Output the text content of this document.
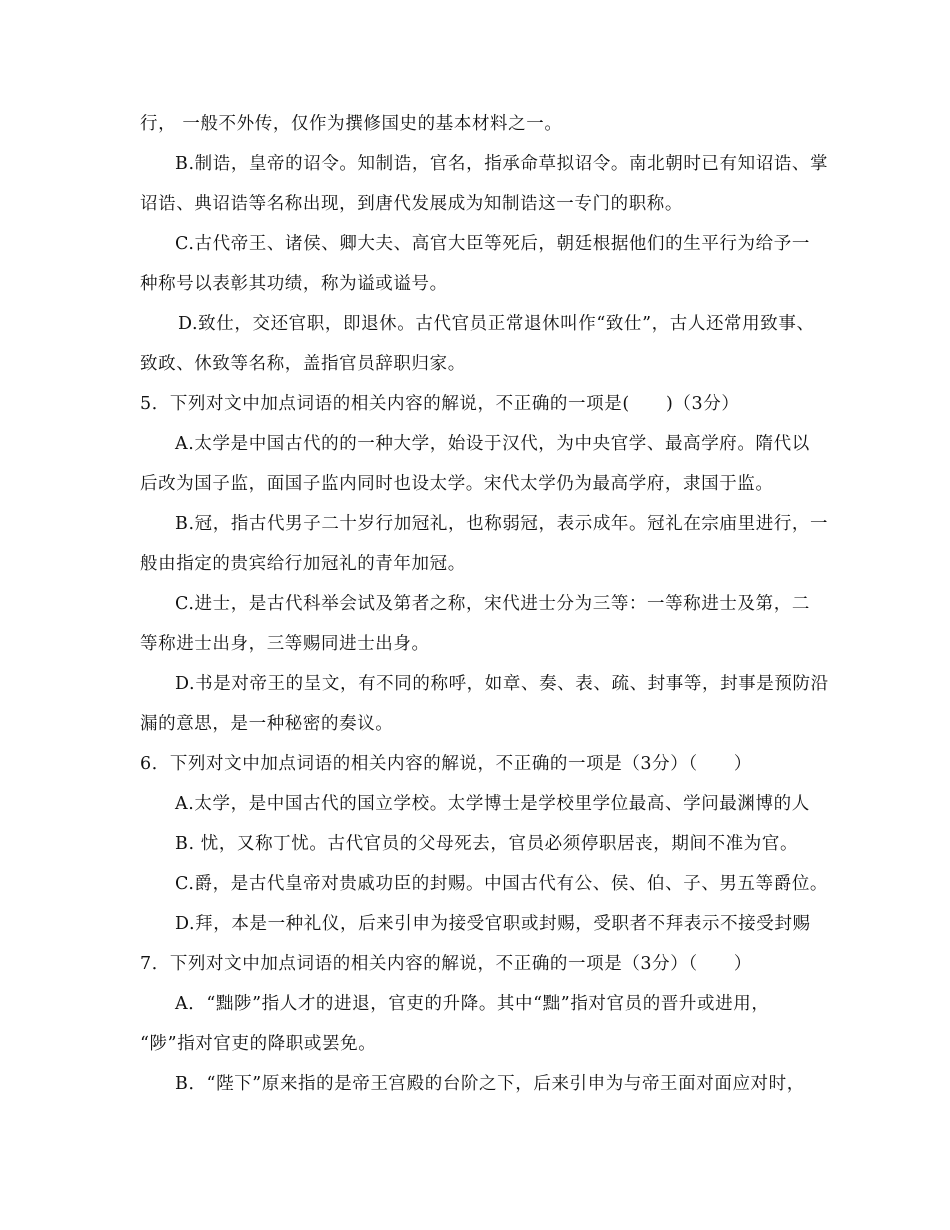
行， 一般不外传，仅作为撰修国史的基本材料之一。
B.制诰，皇帝的诏令。知制诰，官名，指承命草拟诏令。南北朝时已有知诏诰、掌
诏诰、典诏诰等名称出现，到唐代发展成为知制诰这一专门的职称。
C.古代帝王、诸侯、卿大夫、高官大臣等死后，朝廷根据他们的生平行为给予一
种称号以表彰其功绩，称为谥或谥号。
D.致仕，交还官职，即退休。古代官员正常退休叫作“致仕”，古人还常用致事、
致政、休致等名称，盖指官员辞职归家。
5．下列对文中加点词语的相关内容的解说，不正确的一项是(　　)（3分）
A.太学是中国古代的的一种大学，始设于汉代，为中央官学、最高学府。隋代以
后改为国子监，面国子监内同时也设太学。宋代太学仍为最高学府，隶国于监。
B.冠，指古代男子二十岁行加冠礼，也称弱冠，表示成年。冠礼在宗庙里进行，一
般由指定的贵宾给行加冠礼的青年加冠。
C.进士，是古代科举会试及第者之称，宋代进士分为三等：一等称进士及第，二
等称进士出身，三等赐同进士出身。
D.书是对帝王的呈文，有不同的称呼，如章、奏、表、疏、封事等，封事是预防沿
漏的意思，是一种秘密的奏议。
6．下列对文中加点词语的相关内容的解说，不正确的一项是（3分）（　　）
A.太学，是中国古代的国立学校。太学博士是学校里学位最高、学问最渊博的人
B. 忧，又称丁忧。古代官员的父母死去，官员必须停职居丧，期间不准为官。
C.爵，是古代皇帝对贵戚功臣的封赐。中国古代有公、侯、伯、子、男五等爵位。
D.拜，本是一种礼仪，后来引申为接受官职或封赐，受职者不拜表示不接受封赐
7．下列对文中加点词语的相关内容的解说，不正确的一项是（3分）（　　）
A．“黜陟”指人才的进退，官吏的升降。其中“黜”指对官员的晋升或进用，
“陟”指对官吏的降职或罢免。
B．“陛下”原来指的是帝王宫殿的台阶之下，后来引申为与帝王面对面应对时，
